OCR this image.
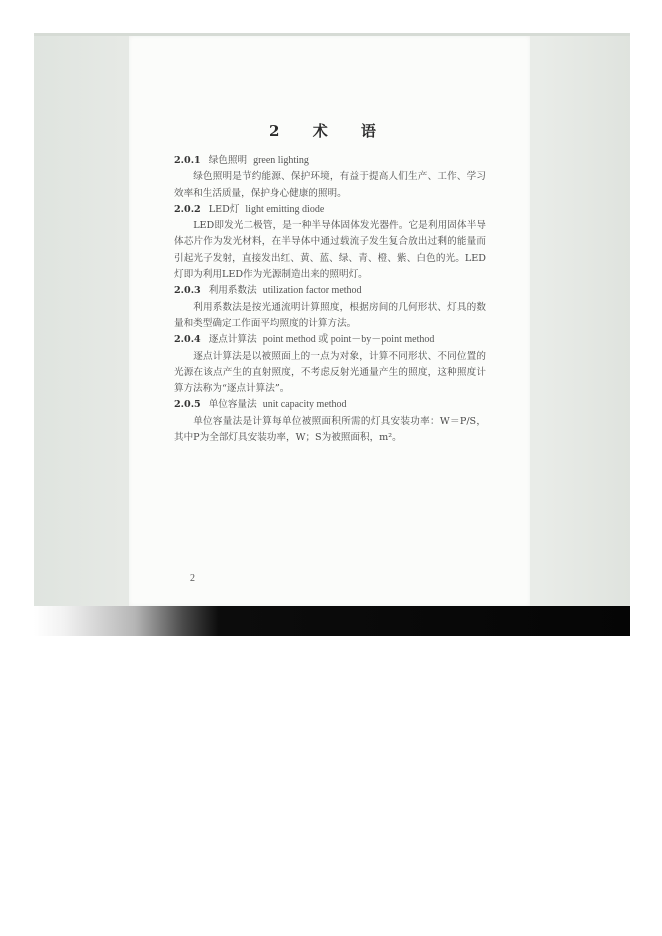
2 术 语

2.0.1 绿色照明 green lighting

绿色照明是节约能源、保护环境，有益于提高人们生产、工作、学习效率和生活质量，保护身心健康的照明。

2.0.2 LED灯 light emitting diode

LED即发光二极管，是一种半导体固体发光器件。它是利用固体半导体芯片作为发光材料，在半导体中通过载流子发生复合放出过剩的能量而引起光子发射，直接发出红、黄、蓝、绿、青、橙、紫、白色的光。LED灯即为利用LED作为光源制造出来的照明灯。

2.0.3 利用系数法 utilization factor method

利用系数法是按光通流明计算照度，根据房间的几何形状、灯具的数量和类型确定工作面平均照度的计算方法。

2.0.4 逐点计算法 point method 或 point－by－point method

逐点计算法是以被照面上的一点为对象，计算不同形状、不同位置的光源在该点产生的直射照度，不考虑反射光通量产生的照度，这种照度计算方法称为“逐点计算法”。

2.0.5 单位容量法 unit capacity method

单位容量法是计算每单位被照面积所需的灯具安装功率：W＝P/S，其中P为全部灯具安装功率，W；S为被照面积，m²。

2
